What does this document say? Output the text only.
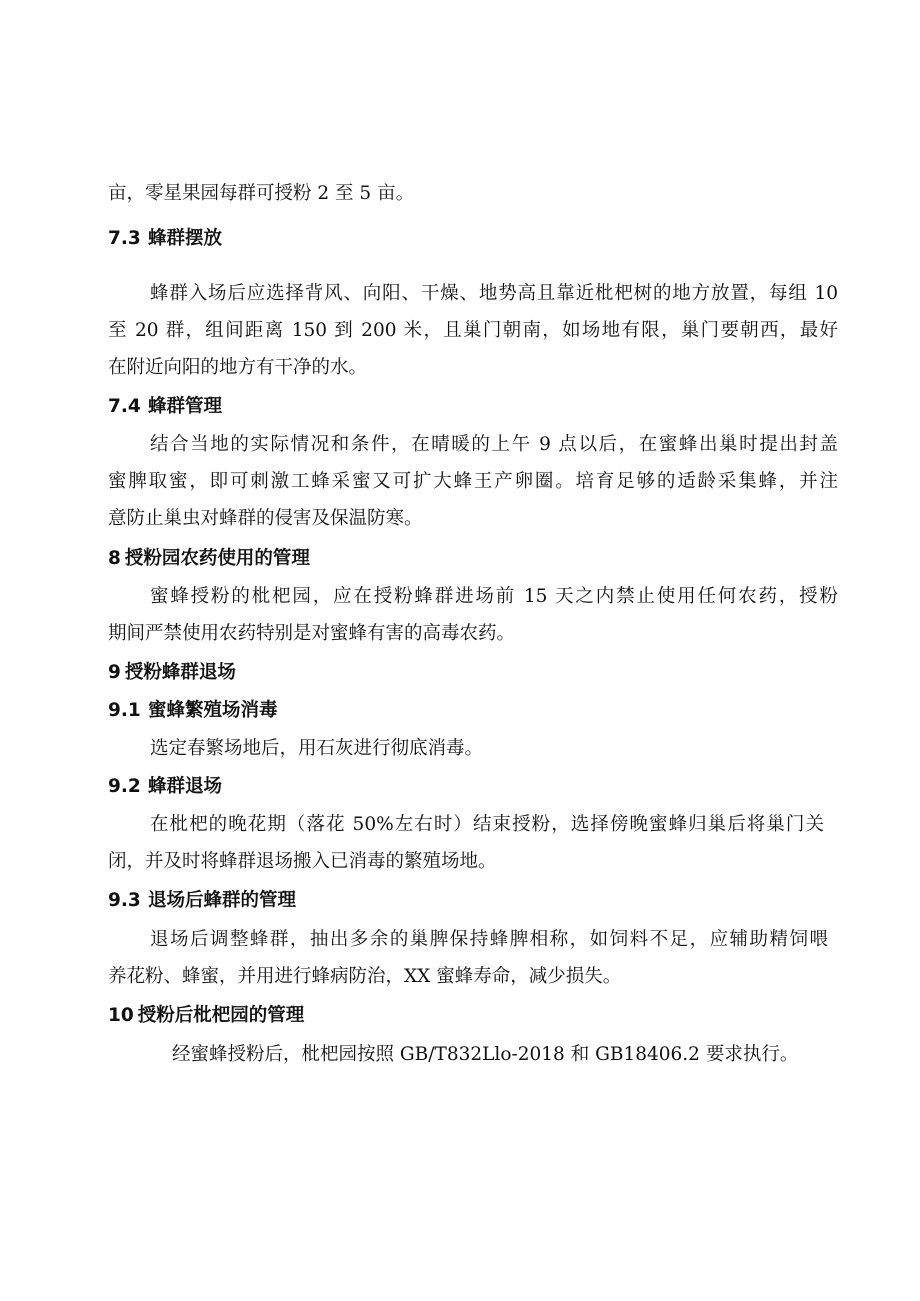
亩，零星果园每群可授粉 2 至 5 亩。
7.3 蜂群摆放
蜂群入场后应选择背风、向阳、干燥、地势高且靠近枇杷树的地方放置，每组 10
至 20 群，组间距离 150 到 200 米，且巢门朝南，如场地有限，巢门要朝西，最好
在附近向阳的地方有干净的水。
7.4 蜂群管理
结合当地的实际情况和条件，在晴暖的上午 9 点以后，在蜜蜂出巢时提出封盖
蜜脾取蜜，即可刺激工蜂采蜜又可扩大蜂王产卵圈。培育足够的适龄采集蜂，并注
意防止巢虫对蜂群的侵害及保温防寒。
8 授粉园农药使用的管理
蜜蜂授粉的枇杷园，应在授粉蜂群进场前 15 天之内禁止使用任何农药，授粉
期间严禁使用农药特别是对蜜蜂有害的高毒农药。
9 授粉蜂群退场
9.1 蜜蜂繁殖场消毒
选定春繁场地后，用石灰进行彻底消毒。
9.2 蜂群退场
在枇杷的晚花期（落花 50%左右时）结束授粉，选择傍晚蜜蜂归巢后将巢门关
闭，并及时将蜂群退场搬入已消毒的繁殖场地。
9.3 退场后蜂群的管理
退场后调整蜂群，抽出多余的巢脾保持蜂脾相称，如饲料不足，应辅助精饲喂
养花粉、蜂蜜，并用进行蜂病防治，XX 蜜蜂寿命，减少损失。
10 授粉后枇杷园的管理
经蜜蜂授粉后，枇杷园按照 GB/T832Llo-2018 和 GB18406.2 要求执行。
